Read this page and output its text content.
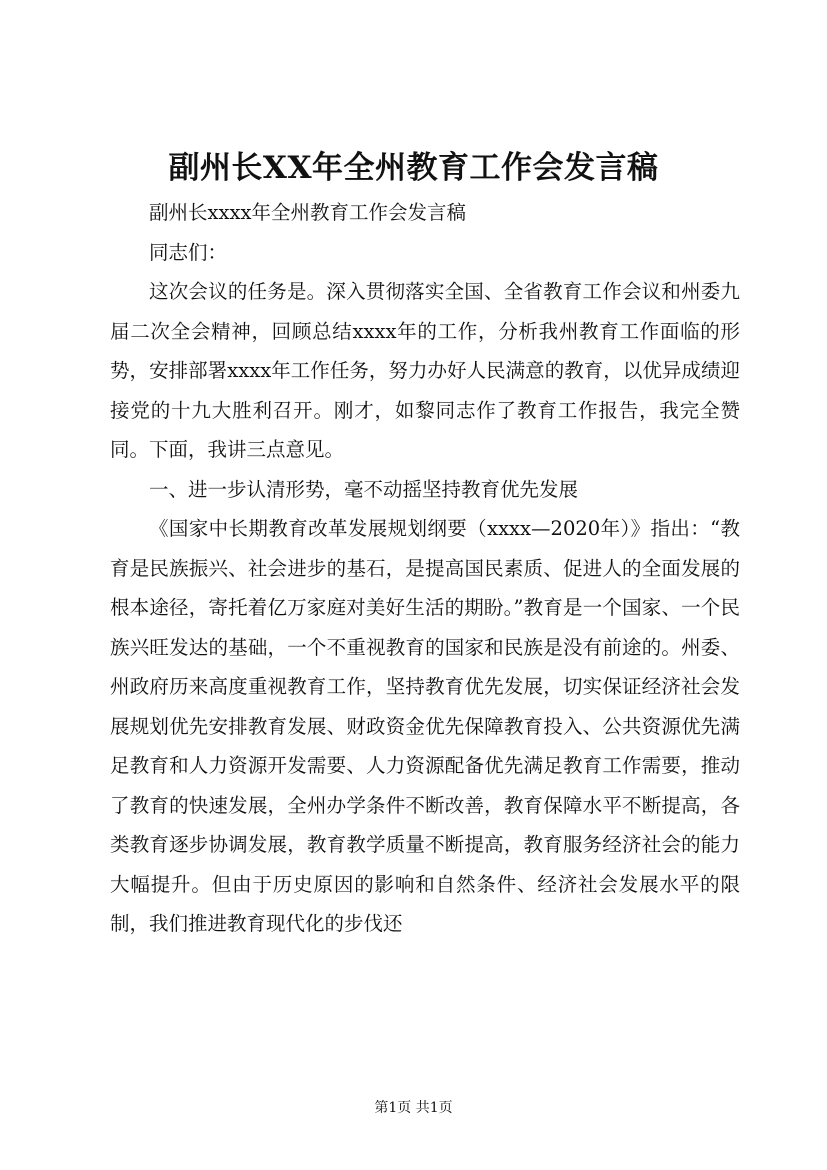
副州长XX年全州教育工作会发言稿

副州长xxxx年全州教育工作会发言稿

同志们：

这次会议的任务是。深入贯彻落实全国、全省教育工作会议和州委九届二次全会精神，回顾总结xxxx年的工作，分析我州教育工作面临的形势，安排部署xxxx年工作任务，努力办好人民满意的教育，以优异成绩迎接党的十九大胜利召开。刚才，如黎同志作了教育工作报告，我完全赞同。下面，我讲三点意见。

一、进一步认清形势，毫不动摇坚持教育优先发展

《国家中长期教育改革发展规划纲要（xxxx—2020年）》指出：“教育是民族振兴、社会进步的基石，是提高国民素质、促进人的全面发展的根本途径，寄托着亿万家庭对美好生活的期盼。”教育是一个国家、一个民族兴旺发达的基础，一个不重视教育的国家和民族是没有前途的。州委、州政府历来高度重视教育工作，坚持教育优先发展，切实保证经济社会发展规划优先安排教育发展、财政资金优先保障教育投入、公共资源优先满足教育和人力资源开发需要、人力资源配备优先满足教育工作需要，推动了教育的快速发展，全州办学条件不断改善，教育保障水平不断提高，各类教育逐步协调发展，教育教学质量不断提高，教育服务经济社会的能力大幅提升。但由于历史原因的影响和自然条件、经济社会发展水平的限制，我们推进教育现代化的步伐还

第1页 共1页
